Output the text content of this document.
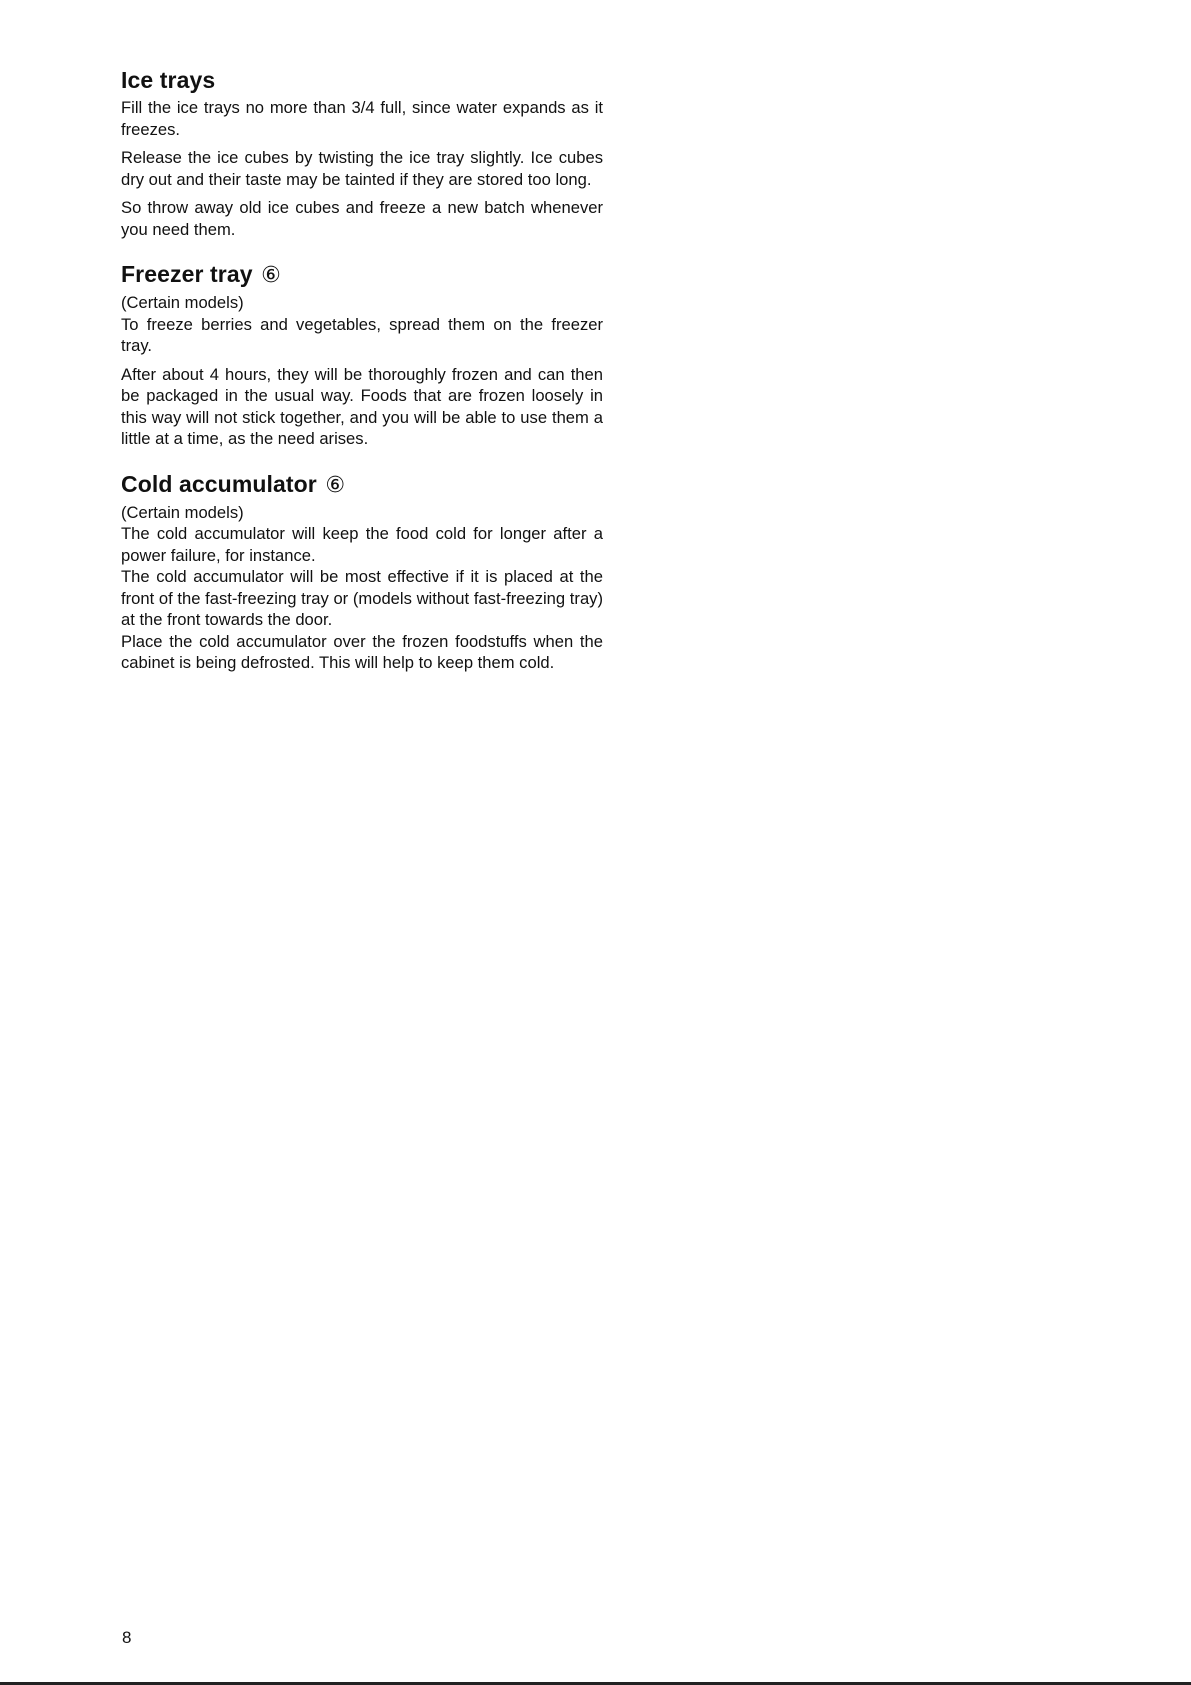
Ice trays

Fill the ice trays no more than 3/4 full, since water expands as it freezes.

Release the ice cubes by twisting the ice tray slightly. Ice cubes dry out and their taste may be tainted if they are stored too long.

So throw away old ice cubes and freeze a new batch whenever you need them.

Freezer tray ⑥

(Certain models)

To freeze berries and vegetables, spread them on the freezer tray.

After about 4 hours, they will be thoroughly frozen and can then be packaged in the usual way. Foods that are frozen loosely in this way will not stick together, and you will be able to use them a little at a time, as the need arises.

Cold accumulator ⑥

(Certain models)

The cold accumulator will keep the food cold for longer after a power failure, for instance.

The cold accumulator will be most effective if it is placed at the front of the fast-freezing tray or (models without fast-freezing tray) at the front towards the door.

Place the cold accumulator over the frozen foodstuffs when the cabinet is being defrosted. This will help to keep them cold.

8
